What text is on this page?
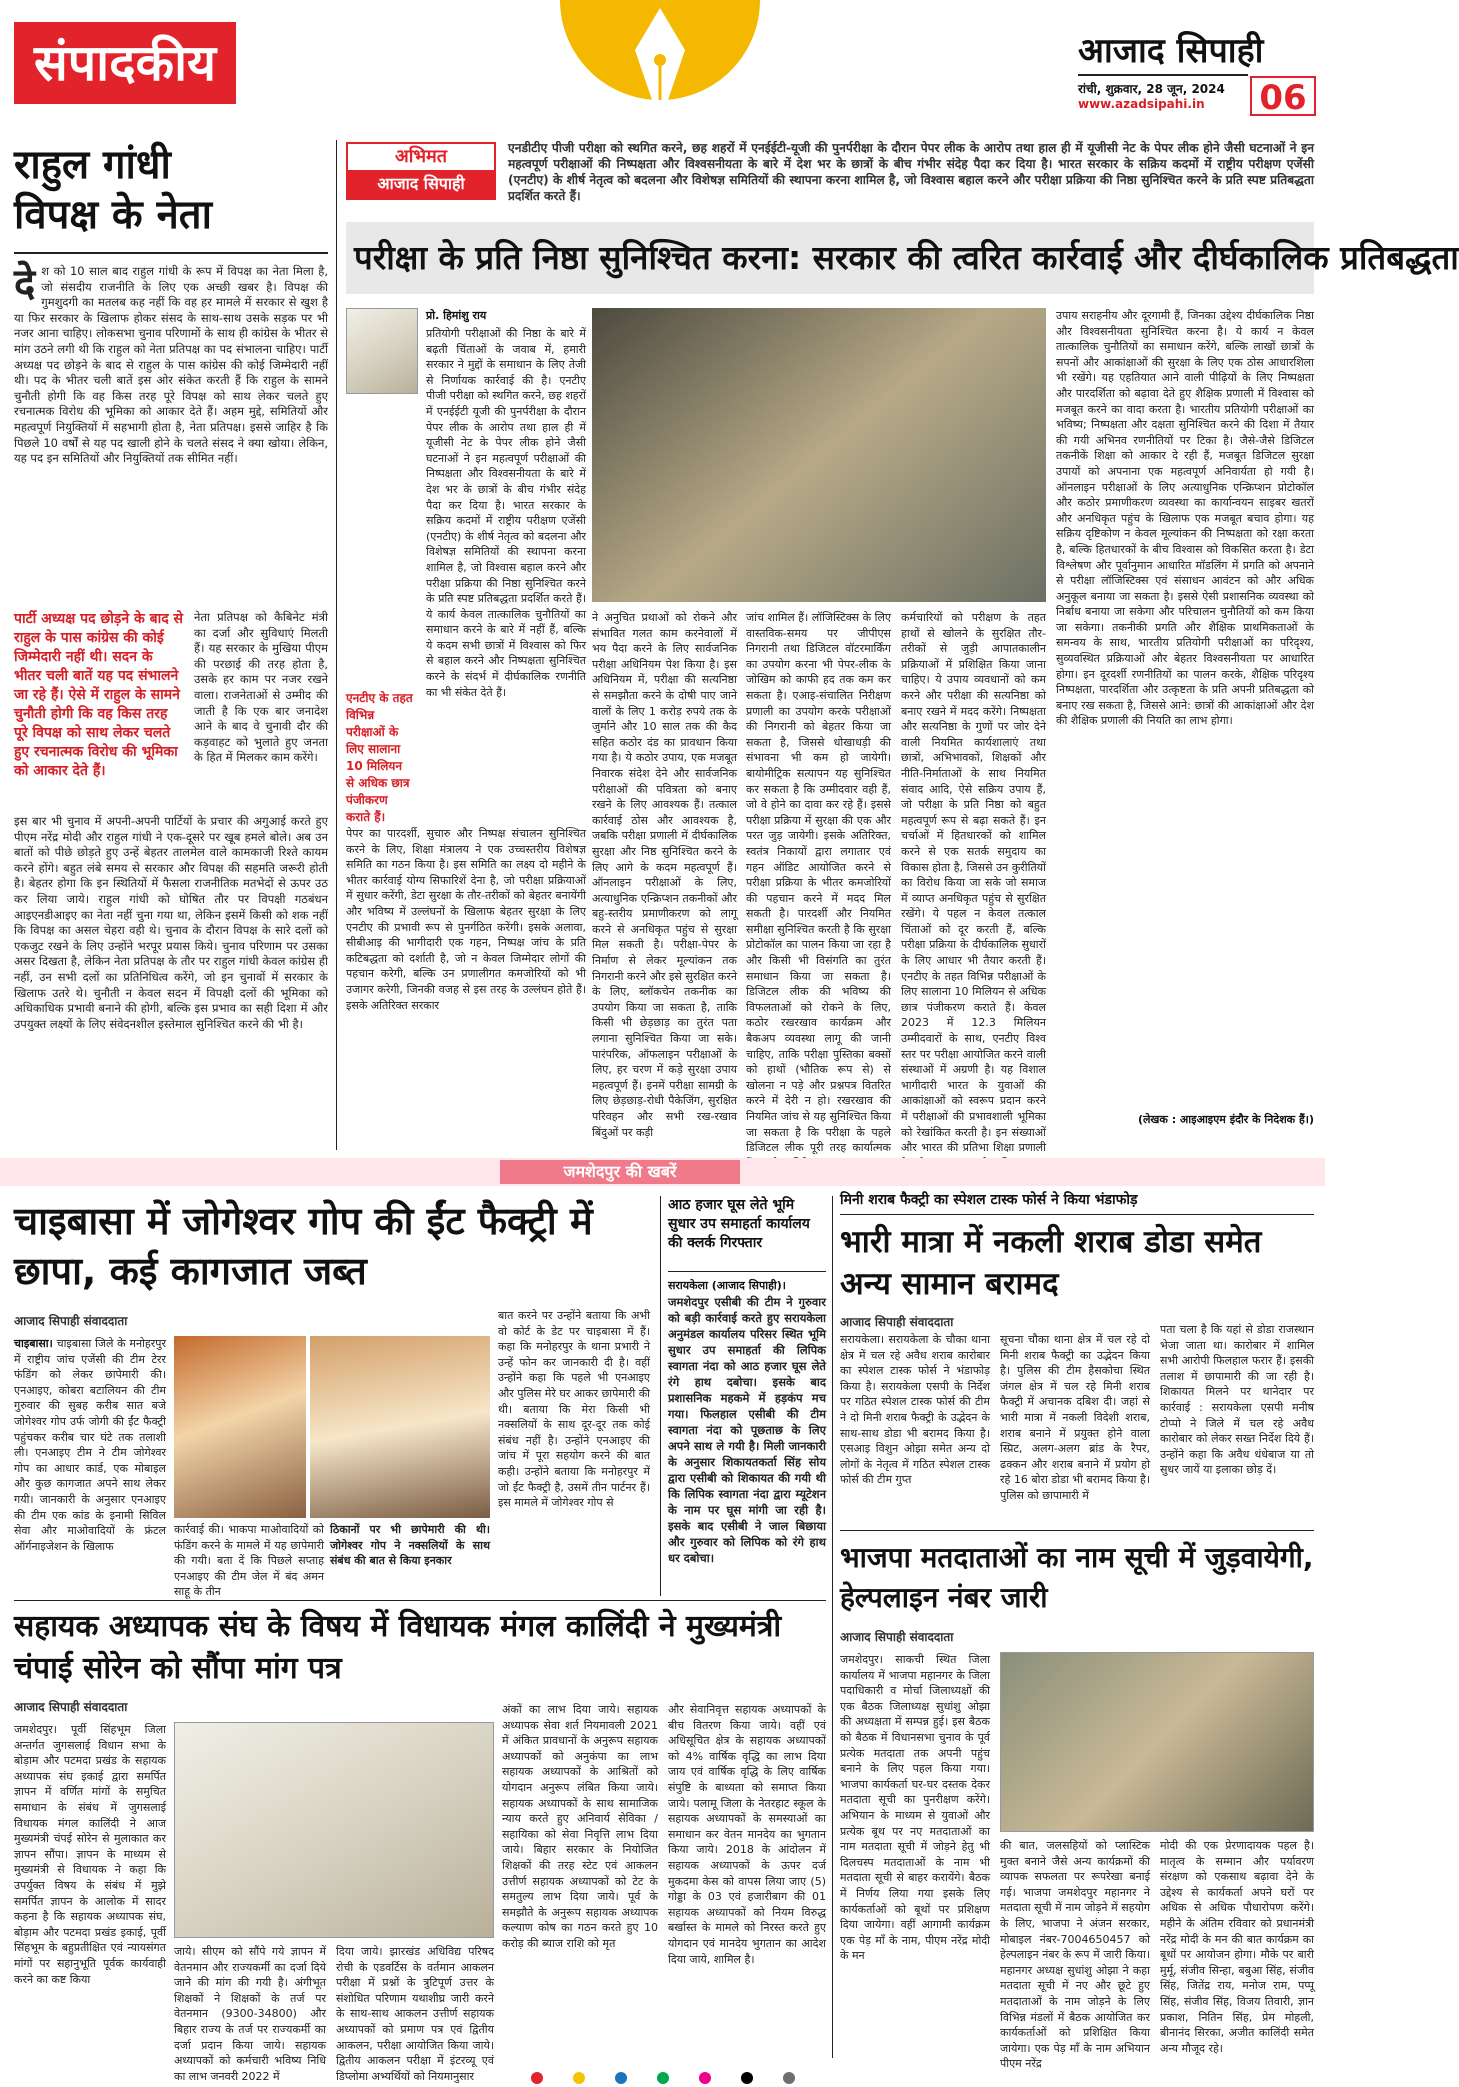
संपादकीय	आजाद सिपाही
रांची, शुक्रवार, 28 जून, 2024
www.azadsipahi.in	06
राहुल गांधी
विपक्ष के नेता
दे श को 10 साल बाद राहुल गांधी के रूप में विपक्ष का नेता मिला है, जो संसदीय राजनीति के लिए एक अच्छी खबर है। विपक्ष की गुमशुदगी का मतलब कह नहीं कि वह हर मामले में सरकार से खुश है या फिर सरकार के खिलाफ होकर संसद के साथ-साथ उसके सड़क पर भी नजर आना चाहिए। लोकसभा चुनाव परिणामों के साथ ही कांग्रेस के भीतर से मांग उठने लगी थी कि राहुल को नेता प्रतिपक्ष का पद संभालना चाहिए। पार्टी अध्यक्ष पद छोड़ने के बाद से राहुल के पास कांग्रेस की कोई जिम्मेदारी नहीं थी। पद के भीतर चली बातें इस ओर संकेत करती हैं कि राहुल के सामने चुनौती होगी कि वह किस तरह पूरे विपक्ष को साथ लेकर चलते हुए रचनात्मक विरोध की भूमिका को आकार देते हैं। अहम मुद्दे, समितियों और महत्वपूर्ण नियुक्तियों में सहभागी होता है, नेता प्रतिपक्ष। इससे जाहिर है कि पिछले 10 वर्षों से यह पद खाली होने के चलते संसद ने क्या खोया। लेकिन, यह पद इन समितियों और नियुक्तियों तक सीमित नहीं।
पार्टी अध्यक्ष पद छोड़ने के बाद से राहुल के पास कांग्रेस की कोई जिम्मेदारी नहीं थी। सदन के भीतर चली बातें यह पद संभालने जा रहे हैं। ऐसे में राहुल के सामने चुनौती होगी कि वह किस तरह पूरे विपक्ष को साथ लेकर चलते हुए रचनात्मक विरोध की भूमिका को आकार देते हैं।
नेता प्रतिपक्ष को कैबिनेट मंत्री का दर्जा और सुविधाएं मिलती हैं। यह सरकार के मुखिया पीएम की परछाई की तरह होता है, उसके हर काम पर नजर रखने वाला। राजनेताओं से उम्मीद की जाती है कि एक बार जनादेश आने के बाद वे चुनावी दौर की कड़वाहट को भुलाते हुए जनता के हित में मिलकर काम करेंगे।
इस बार भी चुनाव में अपनी-अपनी पार्टियों के प्रचार की अगुआई करते हुए पीएम नरेंद्र मोदी और राहुल गांधी ने एक-दूसरे पर खूब हमले बोले। अब उन बातों को पीछे छोड़ते हुए उन्हें बेहतर तालमेल वाले कामकाजी रिश्ते कायम करने होंगे। बहुत लंबे समय से सरकार और विपक्ष की सहमति जरूरी होती है। बेहतर होगा कि इन स्थितियों में फैसला राजनीतिक मतभेदों से ऊपर उठ कर लिया जाये। राहुल गांधी को घोषित तौर पर विपक्षी गठबंधन आइएनडीआइए का नेता नहीं चुना गया था, लेकिन इसमें किसी को शक नहीं कि विपक्ष का असल चेहरा वही थे। चुनाव के दौरान विपक्ष के सारे दलों को एकजुट रखने के लिए उन्होंने भरपूर प्रयास किये। चुनाव परिणाम पर उसका असर दिखता है, लेकिन नेता प्रतिपक्ष के तौर पर राहुल गांधी केवल कांग्रेस ही नहीं, उन सभी दलों का प्रतिनिधित्व करेंगे, जो इन चुनावों में सरकार के खिलाफ उतरे थे। चुनौती न केवल सदन में विपक्षी दलों की भूमिका को अधिकाधिक प्रभावी बनाने की होगी, बल्कि इस प्रभाव का सही दिशा में और उपयुक्त लक्ष्यों के लिए संवेदनशील इस्तेमाल सुनिश्चित करने की भी है।
अभिमत
आजाद सिपाही
एनडीटीए पीजी परीक्षा को स्थगित करने, छह शहरों में एनईईटी-यूजी की पुनर्परीक्षा के दौरान पेपर लीक के आरोप तथा हाल ही में यूजीसी नेट के पेपर लीक होने जैसी घटनाओं ने इन महत्वपूर्ण परीक्षाओं की निष्पक्षता और विश्वसनीयता के बारे में देश भर के छात्रों के बीच गंभीर संदेह पैदा कर दिया है। भारत सरकार के सक्रिय कदमों में राष्ट्रीय परीक्षण एजेंसी (एनटीए) के शीर्ष नेतृत्व को बदलना और विशेषज्ञ समितियों की स्थापना करना शामिल है, जो विश्वास बहाल करने और परीक्षा प्रक्रिया की निष्ठा सुनिश्चित करने के प्रति स्पष्ट प्रतिबद्धता प्रदर्शित करते हैं।
परीक्षा के प्रति निष्ठा सुनिश्चित करना: सरकार की त्वरित कार्रवाई और दीर्घकालिक प्रतिबद्धता
प्रो. हिमांशु राय
प्रतियोगी परीक्षाओं की निष्ठा के बारे में बढ़ती चिंताओं के जवाब में, हमारी सरकार ने मुद्दों के समाधान के लिए तेजी से निर्णायक कार्रवाई की है। एनटीए पीजी परीक्षा को स्थगित करने, छह शहरों में एनईईटी यूजी की पुनर्परीक्षा के दौरान पेपर लीक के आरोप तथा हाल ही में यूजीसी नेट के पेपर लीक होने जैसी घटनाओं ने इन महत्वपूर्ण परीक्षाओं की निष्पक्षता और विश्वसनीयता के बारे में देश भर के छात्रों के बीच गंभीर संदेह पैदा कर दिया है। भारत सरकार के सक्रिय कदमों में राष्ट्रीय परीक्षण एजेंसी (एनटीए) के शीर्ष नेतृत्व को बदलना और विशेषज्ञ समितियों की स्थापना करना शामिल है, जो विश्वास बहाल करने और परीक्षा प्रक्रिया की निष्ठा सुनिश्चित करने के प्रति स्पष्ट प्रतिबद्धता प्रदर्शित करते हैं। ये कार्य केवल तात्कालिक चुनौतियों का समाधान करने के बारे में नहीं हैं, बल्कि ये कदम सभी छात्रों में विश्वास को फिर से बहाल करने और निष्पक्षता सुनिश्चित करने के संदर्भ में दीर्घकालिक रणनीति का भी संकेत देते हैं।
पेपर का पारदर्शी, सुचारु और निष्पक्ष संचालन सुनिश्चित करने के लिए, शिक्षा मंत्रालय ने एक उच्चस्तरीय विशेषज्ञ समिति का गठन किया है। इस समिति का लक्ष्य दो महीने के भीतर कार्रवाई योग्य सिफारिशें देना है, जो परीक्षा प्रक्रियाओं में सुधार करेंगी, डेटा सुरक्षा के तौर-तरीकों को बेहतर बनायेंगी और भविष्य में उल्लंघनों के खिलाफ बेहतर सुरक्षा के लिए एनटीए की प्रभावी रूप से पुनर्गठित करेंगी। इसके अलावा, सीबीआइ की भागीदारी एक गहन, निष्पक्ष जांच के प्रति कटिबद्धता को दर्शाती है, जो न केवल जिम्मेदार लोगों की पहचान करेगी, बल्कि उन प्रणालीगत कमजोरियों को भी उजागर करेगी, जिनकी वजह से इस तरह के उल्लंघन होते हैं। इसके अतिरिक्त सरकार
एनटीए के तहत विभिन्न परीक्षाओं के लिए सालाना 10 मिलियन से अधिक छात्र पंजीकरण कराते हैं।
ने अनुचित प्रथाओं को रोकने और संभावित गलत काम करनेवालों में भय पैदा करने के लिए सार्वजनिक परीक्षा अधिनियम पेश किया है। इस अधिनियम में, परीक्षा की सत्यनिष्ठा से समझौता करने के दोषी पाए जाने वालों के लिए 1 करोड़ रुपये तक के जुर्माने और 10 साल तक की कैद सहित कठोर दंड का प्रावधान किया गया है। ये कठोर उपाय, एक मजबूत निवारक संदेश देने और सार्वजनिक परीक्षाओं की पवित्रता को बनाए रखने के लिए आवश्यक हैं। तत्काल कार्रवाई ठोस और आवश्यक है, जबकि परीक्षा प्रणाली में दीर्घकालिक सुरक्षा और निष्ठ सुनिश्चित करने के लिए आगे के कदम महत्वपूर्ण हैं। ऑनलाइन परीक्षाओं के लिए, अत्याधुनिक एन्क्रिप्शन तकनीकों और बहु-स्तरीय प्रमाणीकरण को लागू करने से अनधिकृत पहुंच से सुरक्षा मिल सकती है। परीक्षा-पेपर के निर्माण से लेकर मूल्यांकन तक निगरानी करने और इसे सुरक्षित करने के लिए, ब्लॉकचेन तकनीक का उपयोग किया जा सकता है, ताकि किसी भी छेड़छाड़ का तुरंत पता लगाना सुनिश्चित किया जा सके। पारंपरिक, ऑफलाइन परीक्षाओं के लिए, हर चरण में कड़े सुरक्षा उपाय महत्वपूर्ण हैं। इनमें परीक्षा सामग्री के लिए छेड़छाड़-रोधी पैकेजिंग, सुरक्षित परिवहन और सभी रख-रखाव बिंदुओं पर कड़ी
जांच शामिल हैं। लॉजिस्टिक्स के लिए वास्तविक-समय पर जीपीएस निगरानी तथा डिजिटल वॉटरमार्किंग का उपयोग करना भी पेपर-लीक के जोखिम को काफी हद तक कम कर सकता है। एआइ-संचालित निरीक्षण प्रणाली का उपयोग करके परीक्षाओं की निगरानी को बेहतर किया जा सकता है, जिससे धोखाधड़ी की संभावना भी कम हो जायेगी। बायोमीट्रिक सत्यापन यह सुनिश्चित कर सकता है कि उम्मीदवार वही हैं, जो वे होने का दावा कर रहे हैं। इससे परीक्षा प्रक्रिया में सुरक्षा की एक और परत जुड़ जायेगी। इसके अतिरिक्त, स्वतंत्र निकायों द्वारा लगातार एवं गहन ऑडिट आयोजित करने से परीक्षा प्रक्रिया के भीतर कमजोरियों की पहचान करने में मदद मिल सकती है। पारदर्शी और नियमित समीक्षा सुनिश्चित करती है कि सुरक्षा प्रोटोकॉल का पालन किया जा रहा है और किसी भी विसंगति का तुरंत समाधान किया जा सकता है। डिजिटल लीक की भविष्य की विफलताओं को रोकने के लिए, कठोर रखरखाव कार्यक्रम और बैकअप व्यवस्था लागू की जानी चाहिए, ताकि परीक्षा पुस्तिका बक्सों को हाथों (भौतिक रूप से) से खोलना न पड़े और प्रश्नपत्र वितरित करने में देरी न हो। रखरखाव की नियमित जांच से यह सुनिश्चित किया जा सकता है कि परीक्षा के पहले डिजिटल लीक पूरी तरह कार्यात्मक
कर्मचारियों को परीक्षण के तहत हाथों से खोलने के सुरक्षित तौर-तरीकों से जुड़ी आपातकालीन प्रक्रियाओं में प्रशिक्षित किया जाना चाहिए। ये उपाय व्यवधानों को कम करने और परीक्षा की सत्यनिष्ठा को बनाए रखने में मदद करेंगे। निष्पक्षता और सत्यनिष्ठा के गुणों पर जोर देने वाली नियमित कार्यशालाएं तथा छात्रों, अभिभावकों, शिक्षकों और नीति-निर्माताओं के साथ नियमित संवाद आदि, ऐसे सक्रिय उपाय हैं, जो परीक्षा के प्रति निष्ठा को बहुत महत्वपूर्ण रूप से बढ़ा सकते हैं। इन चर्चाओं में हितधारकों को शामिल करने से एक सतर्क समुदाय का विकास होता है, जिससे उन कुरीतियों का विरोध किया जा सके जो समाज में व्याप्त अनधिकृत पहुंच से सुरक्षित रखेंगे। ये पहल न केवल तत्काल चिंताओं को दूर करती हैं, बल्कि परीक्षा प्रक्रिया के दीर्घकालिक सुधारों के लिए आधार भी तैयार करती हैं। एनटीए के तहत विभिन्न परीक्षाओं के लिए सालाना 10 मिलियन से अधिक छात्र पंजीकरण कराते हैं। केवल 2023 में 12.3 मिलियन उम्मीदवारों के साथ, एनटीए विश्व स्तर पर परीक्षा आयोजित करने वाली संस्थाओं में अग्रणी है। यह विशाल भागीदारी भारत के युवाओं की आकांक्षाओं को स्वरूप प्रदान करने में परीक्षाओं की प्रभावशाली भूमिका को रेखांकित करती है। इन संख्याओं और भारत की प्रतिभा शिक्षा प्रणाली
उपाय सराहनीय और दूरगामी हैं, जिनका उद्देश्य दीर्घकालिक निष्ठा और विश्वसनीयता सुनिश्चित करना है। ये कार्य न केवल तात्कालिक चुनौतियों का समाधान करेंगे, बल्कि लाखों छात्रों के सपनों और आकांक्षाओं की सुरक्षा के लिए एक ठोस आधारशिला भी रखेंगे। यह एहतियात आने वाली पीढ़ियों के लिए निष्पक्षता और पारदर्शिता को बढ़ावा देते हुए शैक्षिक प्रणाली में विश्वास को मजबूत करने का वादा करता है। भारतीय प्रतियोगी परीक्षाओं का भविष्य; निष्पक्षता और दक्षता सुनिश्चित करने की दिशा में तैयार की गयी अभिनव रणनीतियों पर टिका है। जैसे-जैसे डिजिटल तकनीकें शिक्षा को आकार दे रही हैं, मजबूत डिजिटल सुरक्षा उपायों को अपनाना एक महत्वपूर्ण अनिवार्यता हो गयी है। ऑनलाइन परीक्षाओं के लिए अत्याधुनिक एन्क्रिप्शन प्रोटोकॉल और कठोर प्रमाणीकरण व्यवस्था का कार्यान्वयन साइबर खतरों और अनधिकृत पहुंच के खिलाफ एक मजबूत बचाव होगा। यह सक्रिय दृष्टिकोण न केवल मूल्यांकन की निष्पक्षता को रक्षा करता है, बल्कि हितधारकों के बीच विश्वास को विकसित करता है। डेटा विश्लेषण और पूर्वानुमान आधारित मॉडलिंग में प्रगति को अपनाने से परीक्षा लॉजिस्टिक्स एवं संसाधन आवंटन को और अधिक अनुकूल बनाया जा सकता है। इससे ऐसी प्रशासनिक व्यवस्था को निर्बाध बनाया जा सकेगा और परिचालन चुनौतियों को कम किया जा सकेगा। तकनीकी प्रगति और शैक्षिक प्राथमिकताओं के समन्वय के साथ, भारतीय प्रतियोगी परीक्षाओं का परिदृश्य, सुव्यवस्थित प्रक्रियाओं और बेहतर विश्वसनीयता पर आधारित होगा। इन दूरदर्शी रणनीतियों का पालन करके, शैक्षिक परिदृश्य निष्पक्षता, पारदर्शिता और उत्कृष्टता के प्रति अपनी प्रतिबद्धता को बनाए रख सकता है, जिससे आने: छात्रों की आकांक्षाओं और देश की शैक्षिक प्रणाली की नियति का लाभ होगा।
(लेखक : आइआइएम इंदौर के निदेशक हैं।)
जमशेदपुर की खबरें
चाइबासा में जोगेश्वर गोप की ईंट फैक्ट्री में छापा, कई कागजात जब्त
आजाद सिपाही संवाददाता
चाइबासा। चाइबासा जिले के मनोहरपुर में राष्ट्रीय जांच एजेंसी की टीम टेरर फंडिंग को लेकर छापेमारी की। एनआइए, कोबरा बटालियन की टीम गुरुवार की सुबह करीब सात बजे जोगेश्वर गोप उर्फ जोगी की ईंट फैक्ट्री पहुंचकर करीब चार घंटे तक तलाशी ली। एनआइए टीम ने टीम जोगेश्वर गोप का आधार कार्ड, एक मोबाइल और कुछ कागजात अपने साथ लेकर गयी। जानकारी के अनुसार एनआइए की टीम एक कांड के इनामी सिविल सेवा और माओवादियों के फ्रंटल ऑर्गनाइजेशन के खिलाफ
कार्रवाई की। भाकपा माओवादियों को फंडिंग करने के मामले में यह छापेमारी की गयी। बता दें कि पिछले सप्ताह एनआइए की टीम जेल में बंद अमन साहू के तीन
ठिकानों पर भी छापेमारी की थी। जोगेश्वर गोप ने नक्सलियों के साथ संबंध की बात से किया इनकार
बात करने पर उन्होंने बताया कि अभी वो कोर्ट के डेट पर चाइबासा में हैं। कहा कि मनोहरपुर के थाना प्रभारी ने उन्हें फोन कर जानकारी दी है। वहीं उन्होंने कहा कि पहले भी एनआइए और पुलिस मेरे घर आकर छापेमारी की थी। बताया कि मेरा किसी भी नक्सलियों के साथ दूर-दूर तक कोई संबंध नहीं है। उन्होंने एनआइए की जांच में पूरा सहयोग करने की बात कही। उन्होंने बताया कि मनोहरपुर में जो ईंट फैक्ट्री है, उसमें तीन पार्टनर हैं। इस मामले में जोगेश्वर गोप से
आठ हजार घूस लेते भूमि सुधार उप समाहर्ता कार्यालय की क्लर्क गिरफ्तार
सरायकेला (आजाद सिपाही)।
जमशेदपुर एसीबी की टीम ने गुरुवार को बड़ी कार्रवाई करते हुए सरायकेला अनुमंडल कार्यालय परिसर स्थित भूमि सुधार उप समाहर्ता की लिपिक स्वागता नंदा को आठ हजार घूस लेते रंगे हाथ दबोचा। इसके बाद प्रशासनिक महकमे में हड़कंप मच गया। फिलहाल एसीबी की टीम स्वागता नंदा को पूछताछ के लिए अपने साथ ले गयी है। मिली जानकारी के अनुसार शिकायतकर्ता सिंह सोय द्वारा एसीबी को शिकायत की गयी थी कि लिपिक स्वागता नंदा द्वारा म्यूटेशन के नाम पर घूस मांगी जा रही है। इसके बाद एसीबी ने जाल बिछाया और गुरुवार को लिपिक को रंगे हाथ धर दबोचा।
मिनी शराब फैक्ट्री का स्पेशल टास्क फोर्स ने किया भंडाफोड़
भारी मात्रा में नकली शराब डोडा समेत अन्य सामान बरामद
आजाद सिपाही संवाददाता
सरायकेला। सरायकेला के चौका थाना क्षेत्र में चल रहे अवैध शराब कारोबार का स्पेशल टास्क फोर्स ने भंडाफोड़ किया है। सरायकेला एसपी के निर्देश पर गठित स्पेशल टास्क फोर्स की टीम ने दो मिनी शराब फैक्ट्री के उद्भेदन के साथ-साथ डोडा भी बरामद किया है। एसआइ विशुन ओझा समेत अन्य दो लोगों के नेतृत्व में गठित स्पेशल टास्क फोर्स की टीम गुप्त
सूचना चौका थाना क्षेत्र में चल रहे दो मिनी शराब फैक्ट्री का उद्भेदन किया है। पुलिस की टीम हैसकोचा स्थित जंगल क्षेत्र में चल रहे मिनी शराब फैक्ट्री में अचानक दबिश दी। जहां से भारी मात्रा में नकली विदेशी शराब, शराब बनाने में प्रयुक्त होने वाला स्प्रिट, अलग-अलग ब्रांड के रैपर, ढक्कन और शराब बनाने में प्रयोग हो रहे 16 बोरा डोडा भी बरामद किया है। पुलिस को छापामारी में
पता चला है कि यहां से डोडा राजस्थान भेजा जाता था। कारोबार में शामिल सभी आरोपी फिलहाल फरार हैं। इसकी तलाश में छापामारी की जा रही है। शिकायत मिलने पर थानेदार पर कार्रवाई : सरायकेला एसपी मनीष टोप्पो ने जिले में चल रहे अवैध कारोबार को लेकर सख्त निर्देश दिये हैं। उन्होंने कहा कि अवैध धंधेबाज या तो सुधर जायें या इलाका छोड़ दें।
भाजपा मतदाताओं का नाम सूची में जुड़वायेगी, हेल्पलाइन नंबर जारी
आजाद सिपाही संवाददाता
जमशेदपुर। साकची स्थित जिला कार्यालय में भाजपा महानगर के जिला पदाधिकारी व मोर्चा जिलाध्यक्षों की एक बैठक जिलाध्यक्ष सुधांशु ओझा की अध्यक्षता में सम्पन्न हुई। इस बैठक को बैठक में विधानसभा चुनाव के पूर्व प्रत्येक मतदाता तक अपनी पहुंच बनाने के लिए पहल किया गया। भाजपा कार्यकर्ता घर-घर दस्तक देकर मतदाता सूची का पुनरीक्षण करेंगे। अभियान के माध्यम से युवाओं और प्रत्येक बूथ पर नए मतदाताओं का नाम मतदाता सूची में जोड़ने हेतु भी दिलचस्प मतदाताओं के नाम भी मतदाता सूची से बाहर करायेंगे। बैठक में निर्णय लिया गया इसके लिए कार्यकर्ताओं को बूथों पर प्रशिक्षण दिया जायेगा। वहीं आगामी कार्यक्रम एक पेड़ माँ के नाम, पीएम नरेंद्र मोदी के मन
की बात, जलसहियों को प्लास्टिक मुक्त बनाने जैसे अन्य कार्यक्रमों की व्यापक सफलता पर रूपरेखा बनाई गई। भाजपा जमशेदपुर महानगर ने मतदाता सूची में नाम जोड़ने में सहयोग के लिए, भाजपा ने अंजन सरकार, मोबाइल नंबर-7004650457 को हेल्पलाइन नंबर के रूप में जारी किया। महानगर अध्यक्ष सुधांशु ओझा ने कहा मतदाता सूची में नए और छूटे हुए मतदाताओं के नाम जोड़ने के लिए विभिन्न मंडलों में बैठक आयोजित कर कार्यकर्ताओं को प्रशिक्षित किया जायेगा। एक पेड़ माँ के नाम अभियान पीएम नरेंद्र
मोदी की एक प्रेरणादायक पहल है। मातृत्व के सम्मान और पर्यावरण संरक्षण को एकसाथ बढ़ावा देने के उद्देश्य से कार्यकर्ता अपने घरों पर अधिक से अधिक पौधारोपण करेंगे। महीने के अंतिम रविवार को प्रधानमंत्री नरेंद्र मोदी के मन की बात कार्यक्रम का बूथों पर आयोजन होगा। मौके पर बारी मुर्मू, संजीव सिन्हा, बबुआ सिंह, संजीव सिंह, जितेंद्र राय, मनोज राम, पप्पू सिंह, संजीव सिंह, विजय तिवारी, ज्ञान प्रकाश, नितिन सिंह, प्रेम मोहली, बीनानंद सिरका, अजीत कालिंदी समेत अन्य मौजूद रहे।
सहायक अध्यापक संघ के विषय में विधायक मंगल कालिंदी ने मुख्यमंत्री चंपाई सोरेन को सौंपा मांग पत्र
आजाद सिपाही संवाददाता
जमशेदपुर। पूर्वी सिंहभूम जिला अन्तर्गत जुगसलाई विधान सभा के बोड़ाम और पटमदा प्रखंड के सहायक अध्यापक संघ इकाई द्वारा समर्पित ज्ञापन में वर्णित मांगों के समुचित समाधान के संबंध में जुगसलाई विधायक मंगल कालिंदी ने आज मुख्यमंत्री चंपई सोरेन से मुलाकात कर ज्ञापन सौंपा। ज्ञापन के माध्यम से मुख्यमंत्री से विधायक ने कहा कि उपर्युक्त विषय के संबंध में मुझे समर्पित ज्ञापन के आलोक में सादर कहना है कि सहायक अध्यापक संघ, बोड़ाम और पटमदा प्रखंड इकाई, पूर्वी सिंहभूम के बहुप्रतीक्षित एवं न्यायसंगत मांगों पर सहानुभूति पूर्वक कार्यवाही करने का कष्ट किया
जाये। सीएम को सौंपे गये ज्ञापन में वेतनमान और राज्यकर्मी का दर्जा दिये जाने की मांग की गयी है। अंगीभूत शिक्षकों ने शिक्षकों के तर्ज पर वेतनमान (9300-34800) और बिहार राज्य के तर्ज पर राज्यकर्मी का दर्जा प्रदान किया जाये। सहायक अध्यापकों को कर्मचारी भविष्य निधि का लाभ जनवरी 2022 में
दिया जाये। झारखंड अधिविद्य परिषद रोची के एडवर्टिस के वर्तमान आकलन परीक्षा में प्रश्नों के त्रुटिपूर्ण उत्तर के संशोधित परिणाम यथाशीघ्र जारी करने के साथ-साथ आकलन उत्तीर्ण सहायक अध्यापकों को प्रमाण पत्र एवं द्वितीय आकलन, परीक्षा आयोजित किया जाये। द्वितीय आकलन परीक्षा में इंटरव्यू एवं डिप्लोमा अभ्यर्थियों को नियमानुसार
अंकों का लाभ दिया जाये। सहायक अध्यापक सेवा शर्त नियमावली 2021 में अंकित प्रावधानों के अनुरूप सहायक अध्यापकों को अनुकंपा का लाभ सहायक अध्यापकों के आश्रितों को योगदान अनुरूप लंबित किया जाये। सहायक अध्यापकों के साथ सामाजिक न्याय करते हुए अनिवार्य सेविका / सहायिका को सेवा निवृत्ति लाभ दिया जाये। बिहार सरकार के नियोजित शिक्षकों की तरह स्टेट एवं आकलन उत्तीर्ण सहायक अध्यापकों को टेट के समतुल्य लाभ दिया जाये। पूर्व के समझौते के अनुरूप सहायक अध्यापक कल्याण कोष का गठन करते हुए 10 करोड़ की ब्याज राशि को मृत
और सेवानिवृत्त सहायक अध्यापकों के बीच वितरण किया जाये। वहीं एवं अधिसूचित क्षेत्र के सहायक अध्यापकों को 4% वार्षिक वृद्धि का लाभ दिया जाय एवं वार्षिक वृद्धि के लिए वार्षिक संपुष्टि के बाध्यता को समाप्त किया जाये। पलामू जिला के नेतरहाट स्कूल के सहायक अध्यापकों के समस्याओं का समाधान कर वेतन मानदेय का भुगतान किया जाये। 2018 के आंदोलन में सहायक अध्यापकों के ऊपर दर्ज मुकदमा केस को वापस लिया जाए (5) गोड्डा के 03 एवं हजारीबाग की 01 सहायक अध्यापकों को नियम विरुद्ध बर्खास्त के मामले को निरस्त करते हुए योगदान एवं मानदेय भुगतान का आदेश दिया जाये, शामिल है।
